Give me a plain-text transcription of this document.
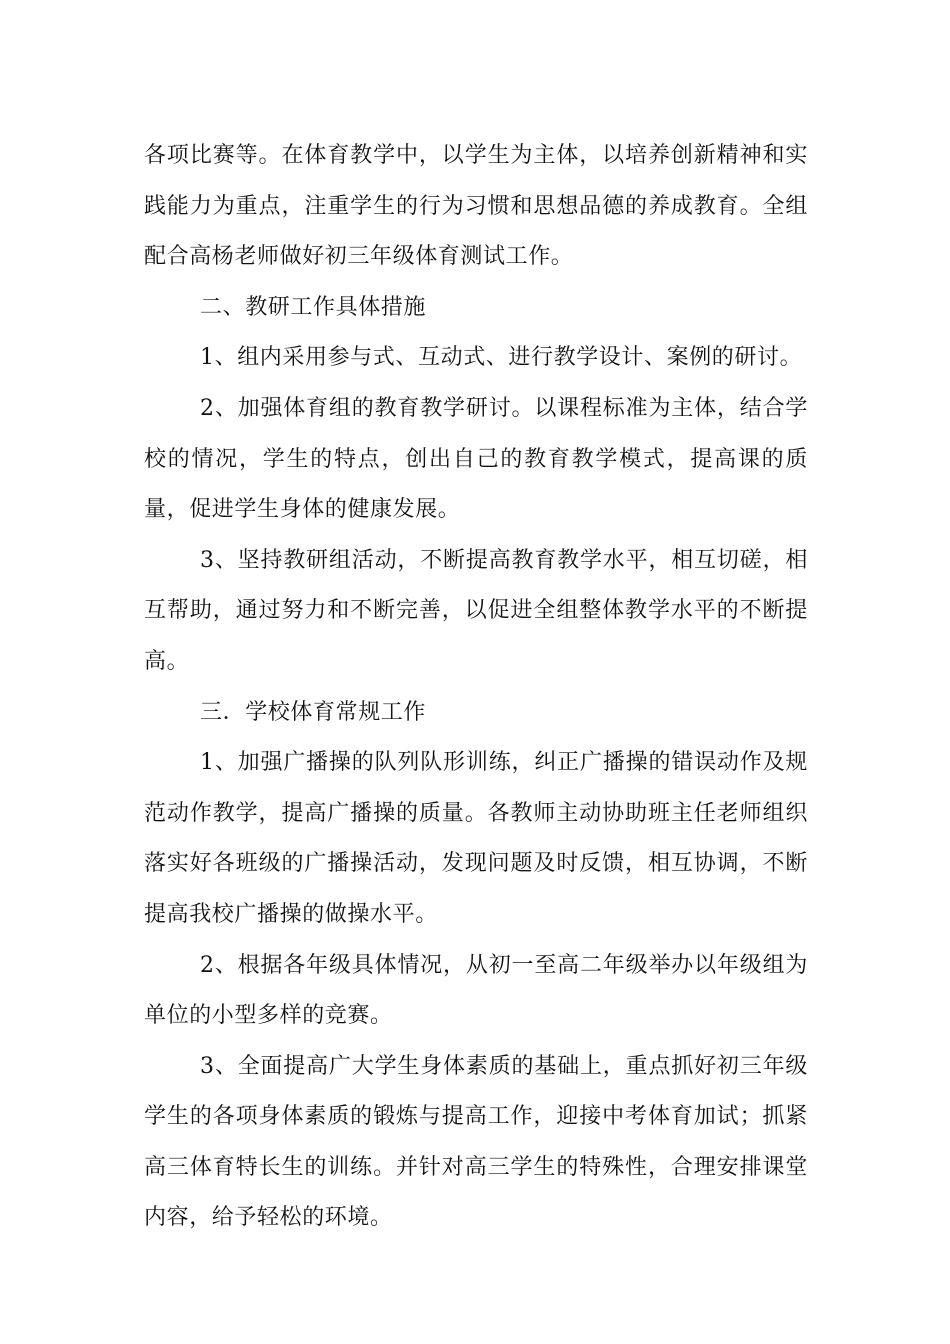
各项比赛等。在体育教学中，以学生为主体，以培养创新精神和实
践能力为重点，注重学生的行为习惯和思想品德的养成教育。全组
配合高杨老师做好初三年级体育测试工作。
二、教研工作具体措施
1、组内采用参与式、互动式、进行教学设计、案例的研讨。
2、加强体育组的教育教学研讨。以课程标准为主体，结合学
校的情况，学生的特点，创出自己的教育教学模式，提高课的质
量，促进学生身体的健康发展。
3、坚持教研组活动，不断提高教育教学水平，相互切磋，相
互帮助，通过努力和不断完善，以促进全组整体教学水平的不断提
高。
三．学校体育常规工作
1、加强广播操的队列队形训练，纠正广播操的错误动作及规
范动作教学，提高广播操的质量。各教师主动协助班主任老师组织
落实好各班级的广播操活动，发现问题及时反馈，相互协调，不断
提高我校广播操的做操水平。
2、根据各年级具体情况，从初一至高二年级举办以年级组为
单位的小型多样的竞赛。
3、全面提高广大学生身体素质的基础上，重点抓好初三年级
学生的各项身体素质的锻炼与提高工作，迎接中考体育加试；抓紧
高三体育特长生的训练。并针对高三学生的特殊性，合理安排课堂
内容，给予轻松的环境。
